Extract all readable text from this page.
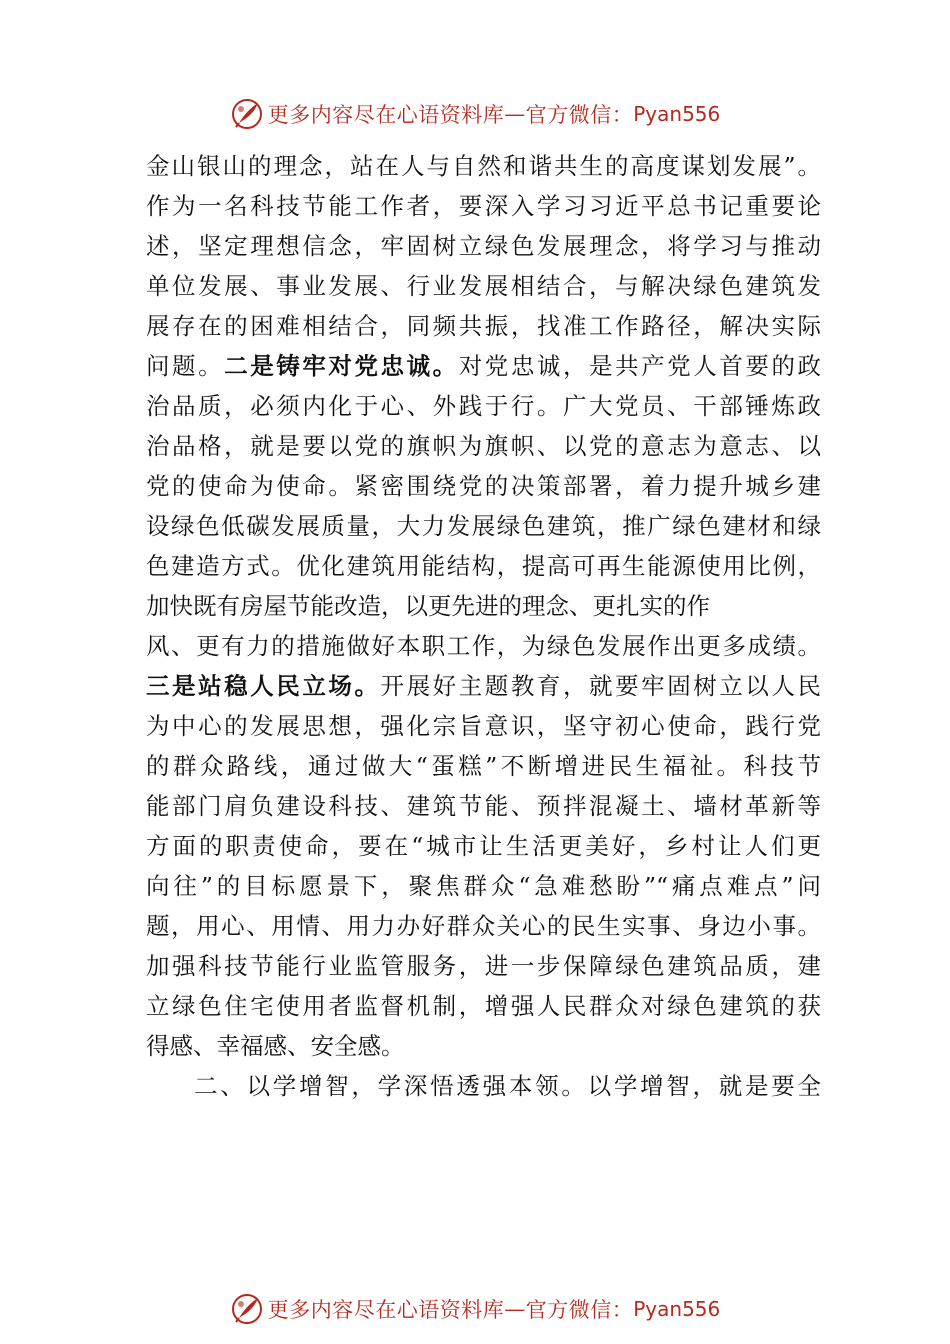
更多内容尽在心语资料库 — 官方微信： Pyan556
金山银山的理念，站在人与自然和谐共生的高度谋划发展”。
作为一名科技节能工作者，要深入学习习近平总书记重要论
述，坚定理想信念，牢固树立绿色发展理念，将学习与推动
单位发展、事业发展、行业发展相结合，与解决绿色建筑发
展存在的困难相结合，同频共振，找准工作路径，解决实际
问题。二是铸牢对党忠诚。对党忠诚，是共产党人首要的政
治品质，必须内化于心、外践于行。广大党员、干部锤炼政
治品格，就是要以党的旗帜为旗帜、以党的意志为意志、以
党的使命为使命。紧密围绕党的决策部署，着力提升城乡建
设绿色低碳发展质量，大力发展绿色建筑，推广绿色建材和绿
色建造方式。优化建筑用能结构，提高可再生能源使用比例，
加快既有房屋节能改造，以更先进的理念、更扎实的作
风、更有力的措施做好本职工作，为绿色发展作出更多成绩。
三是站稳人民立场。开展好主题教育，就要牢固树立以人民
为中心的发展思想，强化宗旨意识，坚守初心使命，践行党
的群众路线，通过做大“蛋糕”不断增进民生福祉。科技节
能部门肩负建设科技、建筑节能、预拌混凝土、墙材革新等
方面的职责使命，要在“城市让生活更美好，乡村让人们更
向往”的目标愿景下，聚焦群众“急难愁盼”“痛点难点”问
题，用心、用情、用力办好群众关心的民生实事、身边小事。
加强科技节能行业监管服务，进一步保障绿色建筑品质，建
立绿色住宅使用者监督机制，增强人民群众对绿色建筑的获
得感、幸福感、安全感。
二、以学增智，学深悟透强本领。以学增智，就是要全
更多内容尽在心语资料库 — 官方微信： Pyan556
